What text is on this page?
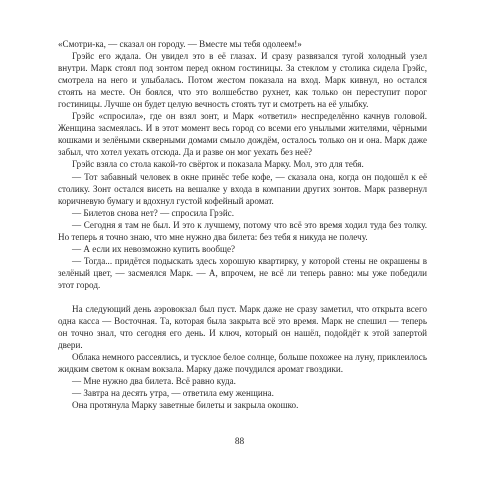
«Смотри-ка, — сказал он городу. — Вместе мы тебя одолеем!»

Грэйс его ждала. Он увидел это в её глазах. И сразу развязался тугой холодный узел внутри. Марк стоял под зонтом перед окном гостиницы. За стеклом у столика сидела Грэйс, смотрела на него и улыбалась. Потом жестом показала на вход. Марк кивнул, но остался стоять на месте. Он боялся, что это волшебство рухнет, как только он переступит порог гостиницы. Лучше он будет целую вечность стоять тут и смотреть на её улыбку.

Грэйс «спросила», где он взял зонт, и Марк «ответил» неспределённо качнув головой. Женщина засмеялась. И в этот момент весь город со всеми его унылыми жителями, чёрными кошками и зелёными скверными домами смыло дождём, осталось только он и она. Марк даже забыл, что хотел уехать отсюда. Да и разве он мог уехать без неё?

Грэйс взяла со стола какой-то свёрток и показала Марку. Мол, это для тебя.

— Тот забавный человек в окне принёс тебе кофе, — сказала она, когда он подошёл к её столику. Зонт остался висеть на вешалке у входа в компании других зонтов. Марк развернул коричневую бумагу и вдохнул густой кофейный аромат.

— Билетов снова нет? — спросила Грэйс.

— Сегодня я там не был. И это к лучшему, потому что всё это время ходил туда без толку. Но теперь я точно знаю, что мне нужно два билета: без тебя я никуда не полечу.

— А если их невозможно купить вообще?

— Тогда... придётся подыскать здесь хорошую квартирку, у которой стены не окрашены в зелёный цвет, — засмеялся Марк. — А, впрочем, не всё ли теперь равно: мы уже победили этот город.

На следующий день аэровокзал был пуст. Марк даже не сразу заметил, что открыта всего одна касса — Восточная. Та, которая была закрыта всё это время. Марк не спешил — теперь он точно знал, что сегодня его день. И ключ, который он нашёл, подойдёт к этой запертой двери.

Облака немного рассеялись, и тусклое белое солнце, больше похожее на луну, приклеилось жидким светом к окнам вокзала. Марку даже почудился аромат гвоздики.

— Мне нужно два билета. Всё равно куда.

— Завтра на десять утра, — ответила ему женщина.

Она протянула Марку заветные билеты и закрыла окошко.

88
